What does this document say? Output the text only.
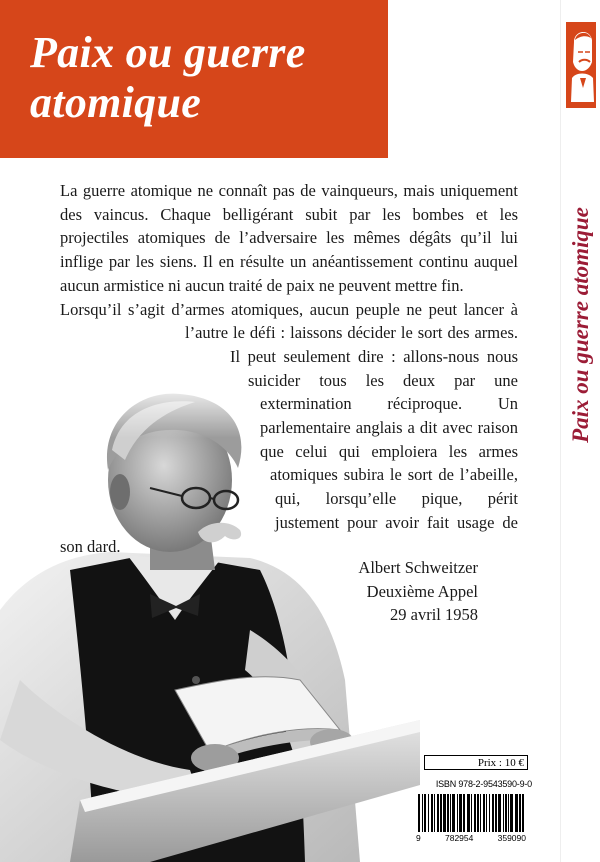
Paix ou guerre
atomique

La guerre atomique ne connaît pas de vainqueurs, mais uniquement des vaincus. Chaque belligérant subit par les bombes et les projectiles atomiques de l’adversaire les mêmes dégâts qu’il lui inflige par les siens. Il en résulte un anéantissement continu auquel aucun armistice ni aucun traité de paix ne peuvent mettre fin.

Lorsqu’il s’agit d’armes atomiques, aucun peuple ne peut lancer à l’autre le défi : laissons décider le sort des armes. Il peut seulement dire : allons-nous nous suicider tous les deux par une extermination réciproque. Un parlementaire anglais a dit avec raison que celui qui emploiera les armes atomiques subira le sort de l’abeille, qui, lorsqu’elle pique, périt justement pour avoir fait usage de son dard.

Albert Schweitzer
Deuxième Appel
29 avril 1958
Prix : 10 €
ISBN 978-2-9543590-9-0
9	782954	359090
Paix ou guerre atomique
